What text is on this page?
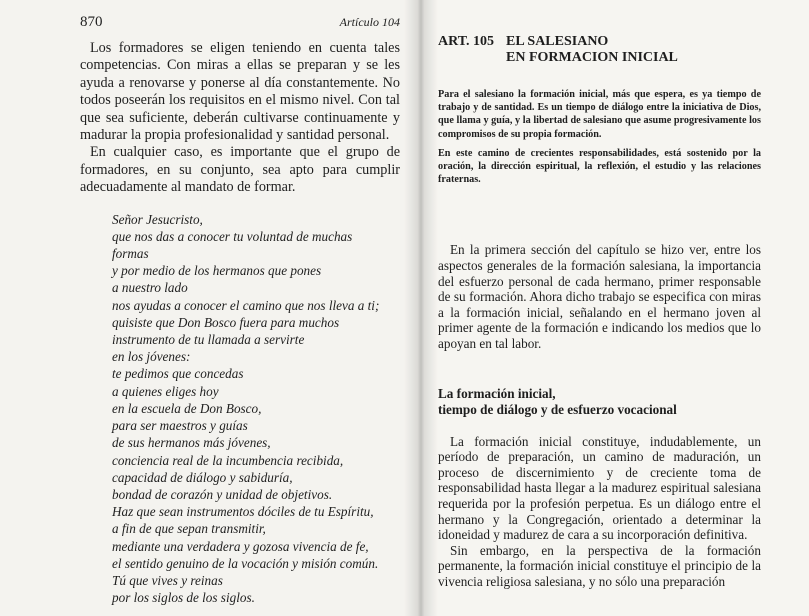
870	Artículo 104

Los formadores se eligen teniendo en cuenta tales competencias. Con miras a ellas se preparan y se les ayuda a renovarse y ponerse al día constantemente. No todos poseerán los requisitos en el mismo nivel. Con tal que sea suficiente, deberán cultivarse continuamente y madurar la propia profesionalidad y santidad personal.

En cualquier caso, es importante que el grupo de formadores, en su conjunto, sea apto para cumplir adecuadamente al mandato de formar.

Señor Jesucristo,
que nos das a conocer tu voluntad de muchas
formas
y por medio de los hermanos que pones
a nuestro lado
nos ayudas a conocer el camino que nos lleva a ti;
quisiste que Don Bosco fuera para muchos
instrumento de tu llamada a servirte
en los jóvenes:
te pedimos que concedas
a quienes eliges hoy
en la escuela de Don Bosco,
para ser maestros y guías
de sus hermanos más jóvenes,
conciencia real de la incumbencia recibida,
capacidad de diálogo y sabiduría,
bondad de corazón y unidad de objetivos.
Haz que sean instrumentos dóciles de tu Espíritu,
a fin de que sepan transmitir,
mediante una verdadera y gozosa vivencia de fe,
el sentido genuino de la vocación y misión común.
Tú que vives y reinas
por los siglos de los siglos.
ART. 105 EL SALESIANO
EN FORMACION INICIAL

Para el salesiano la formación inicial, más que espera, es ya tiempo de trabajo y de santidad. Es un tiempo de diálogo entre la iniciativa de Dios, que llama y guía, y la libertad de salesiano que asume progresivamente los compromisos de su propia formación.

En este camino de crecientes responsabilidades, está sostenido por la oración, la dirección espiritual, la reflexión, el estudio y las relaciones fraternas.

En la primera sección del capítulo se hizo ver, entre los aspectos generales de la formación salesiana, la importancia del esfuerzo personal de cada hermano, primer responsable de su formación. Ahora dicho trabajo se especifica con miras a la formación inicial, señalando en el hermano joven al primer agente de la formación e indicando los medios que lo apoyan en tal labor.

La formación inicial,
tiempo de diálogo y de esfuerzo vocacional

La formación inicial constituye, indudablemente, un período de preparación, un camino de maduración, un proceso de discernimiento y de creciente toma de responsabilidad hasta llegar a la madurez espiritual salesiana requerida por la profesión perpetua. Es un diálogo entre el hermano y la Congregación, orientado a determinar la idoneidad y madurez de cara a su incorporación definitiva.

Sin embargo, en la perspectiva de la formación permanente, la formación inicial constituye el principio de la vivencia religiosa salesiana, y no sólo una preparación
